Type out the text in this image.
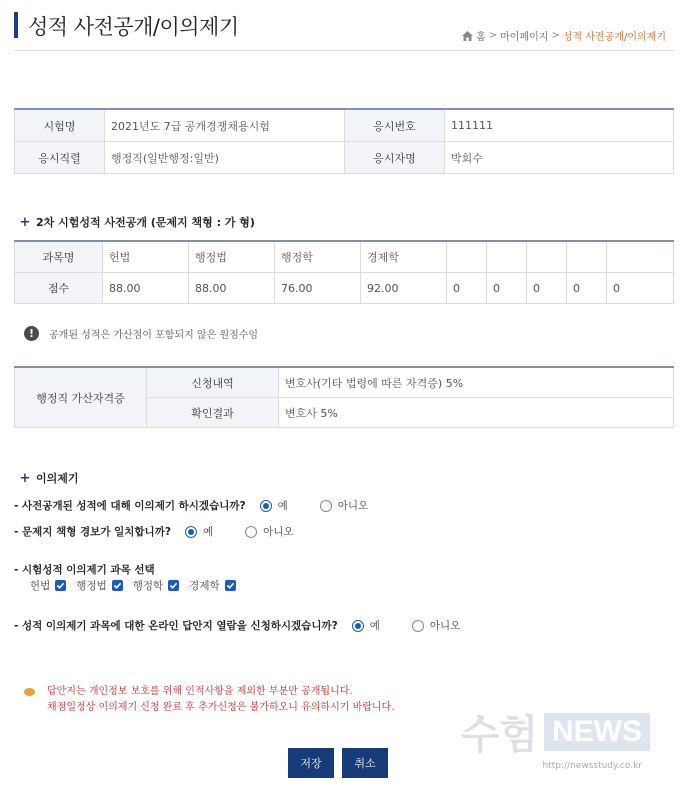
성적 사전공개/이의제기	홈 > 마이페이지 > 성적 사전공개/이의제기
시험명	2021년도 7급 공개경쟁채용시험	응시번호	111111
응시직렬	행정직(일반행정:일반)	응시자명	박회수
+ 2차 시험성적 사전공개 (문제지 책형 : 가 형)
과목명	헌법	행정법	행정학	경제학					
점수	88.00	88.00	76.00	92.00	0	0	0	0	0
!	공개된 성적은 가산점이 포함되지 않은 원점수임
행정직 가산자격증	신청내역	변호사(기타 법령에 따른 자격증) 5%
	확인결과	변호사 5%
+ 이의제기
- 사전공개된 성적에 대해 이의제기 하시겠습니까?	예	아니오
- 문제지 책형 경보가 일치합니까?	예	아니오
- 시험성적 이의제기 과목 선택
헌법 행정법 행정학 경제학
- 성적 이의제기 과목에 대한 온라인 답안지 열람을 신청하시겠습니까?	예	아니오
답안지는 개인정보 보호를 위해 인적사항을 제외한 부분만 공개됩니다.
채점일정상 이의제기 신청 완료 후 추가신청은 불가하오니 유의하시기 바랍니다.
수험 NEWS
http://newsstudy.co.kr
저장	취소
